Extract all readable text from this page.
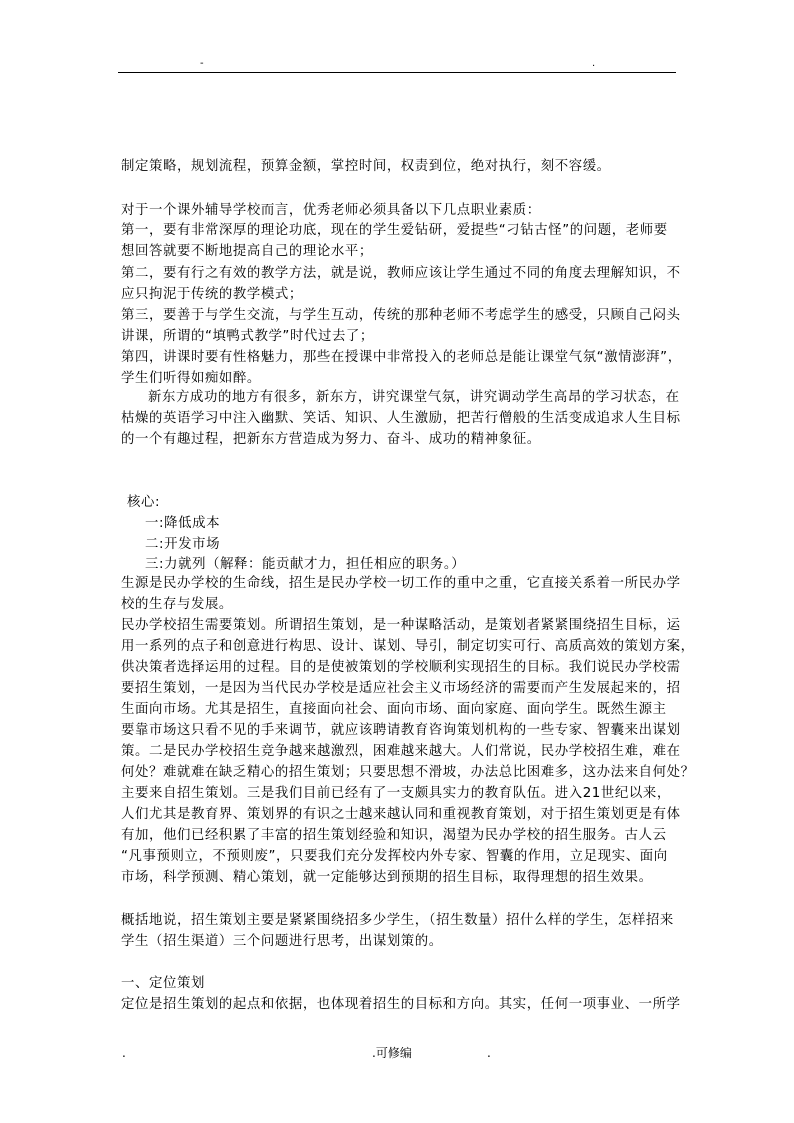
-	.
制定策略，规划流程，预算金额，掌控时间，权责到位，绝对执行，刻不容缓。
对于一个课外辅导学校而言，优秀老师必须具备以下几点职业素质：
第一，要有非常深厚的理论功底，现在的学生爱钻研，爱提些“刁钻古怪”的问题，老师要
想回答就要不断地提高自己的理论水平；
第二，要有行之有效的教学方法，就是说，教师应该让学生通过不同的角度去理解知识，不
应只拘泥于传统的教学模式；
第三，要善于与学生交流，与学生互动，传统的那种老师不考虑学生的感受，只顾自己闷头
讲课，所谓的“填鸭式教学”时代过去了；
第四，讲课时要有性格魅力，那些在授课中非常投入的老师总是能让课堂气氛“激情澎湃”，
学生们听得如痴如醉。
新东方成功的地方有很多，新东方，讲究课堂气氛，讲究调动学生高昂的学习状态，在
枯燥的英语学习中注入幽默、笑话、知识、人生激励，把苦行僧般的生活变成追求人生目标
的一个有趣过程，把新东方营造成为努力、奋斗、成功的精神象征。
核心:
一:降低成本
二:开发市场
三:力就列（解释：能贡献才力，担任相应的职务。）
生源是民办学校的生命线，招生是民办学校一切工作的重中之重，它直接关系着一所民办学
校的生存与发展。
民办学校招生需要策划。所谓招生策划，是一种谋略活动，是策划者紧紧围绕招生目标，运
用一系列的点子和创意进行构思、设计、谋划、导引，制定切实可行、高质高效的策划方案，
供决策者选择运用的过程。目的是使被策划的学校顺利实现招生的目标。我们说民办学校需
要招生策划，一是因为当代民办学校是适应社会主义市场经济的需要而产生发展起来的，招
生面向市场。尤其是招生，直接面向社会、面向市场、面向家庭、面向学生。既然生源主
要靠市场这只看不见的手来调节，就应该聘请教育咨询策划机构的一些专家、智囊来出谋划
策。二是民办学校招生竞争越来越激烈，困难越来越大。人们常说，民办学校招生难，难在
何处？难就难在缺乏精心的招生策划；只要思想不滑坡，办法总比困难多，这办法来自何处？
主要来自招生策划。三是我们目前已经有了一支颇具实力的教育队伍。进入21世纪以来，
人们尤其是教育界、策划界的有识之士越来越认同和重视教育策划，对于招生策划更是有体
有加，他们已经积累了丰富的招生策划经验和知识，渴望为民办学校的招生服务。古人云
“凡事预则立，不预则废”，只要我们充分发挥校内外专家、智囊的作用，立足现实、面向
市场，科学预测、精心策划，就一定能够达到预期的招生目标，取得理想的招生效果。
概括地说，招生策划主要是紧紧围绕招多少学生，（招生数量）招什么样的学生，怎样招来
学生（招生渠道）三个问题进行思考，出谋划策的。
一、定位策划
定位是招生策划的起点和依据，也体现着招生的目标和方向。其实，任何一项事业、一所学
.	.可修编	.
